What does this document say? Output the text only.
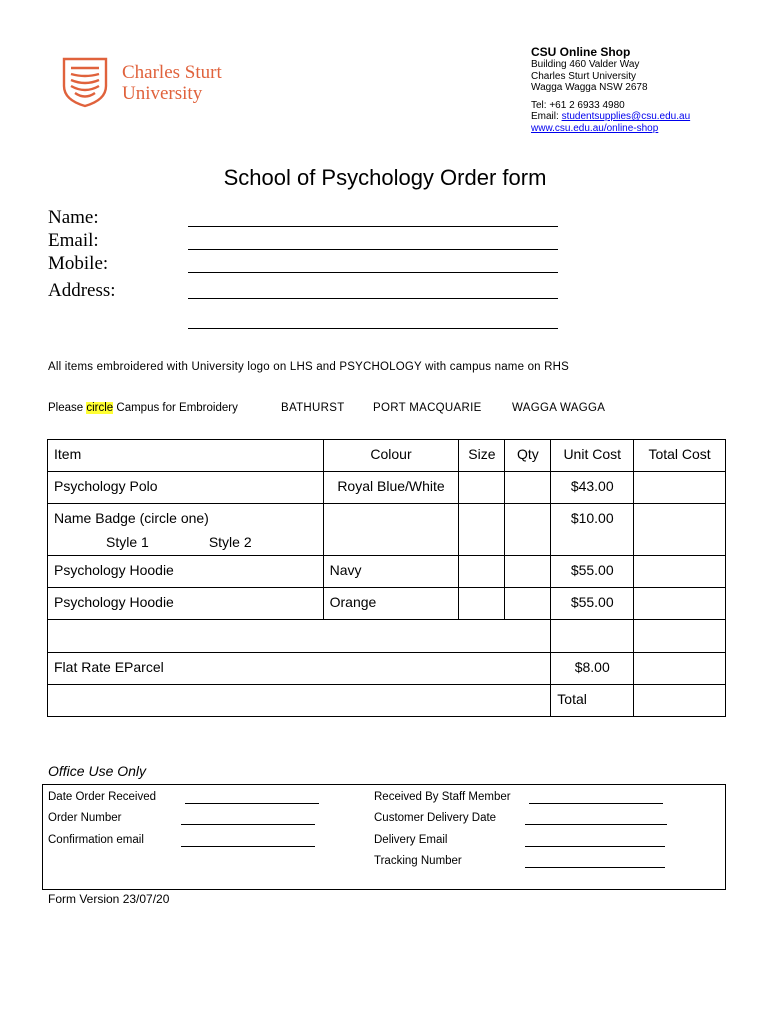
Charles Sturt
University
CSU Online Shop
Building 460 Valder Way
Charles Sturt University
Wagga Wagga NSW 2678
Tel: +61 2 6933 4980
Email: studentsupplies@csu.edu.au
www.csu.edu.au/online-shop
School of Psychology Order form
Name:
Email:
Mobile:
Address:
All items embroidered with University logo on LHS and PSYCHOLOGY with campus name on RHS
Please circle Campus for Embroidery	BATHURST PORT MACQUARIE	WAGGA WAGGA
Item	Colour	Size	Qty	Unit Cost	Total Cost
Psychology Polo	Royal Blue/White			$43.00	

Name Badge (circle one)
Style 1 Style 2				$10.00	
Psychology Hoodie	Navy			$55.00	
Psychology Hoodie	Orange			$55.00	

Flat Rate EParcel				$8.00	
				Total	
Office Use Only
Date Order Received
Order Number
Confirmation email
Received By Staff Member
Customer Delivery Date
Delivery Email
Tracking Number
Form Version 23/07/20
